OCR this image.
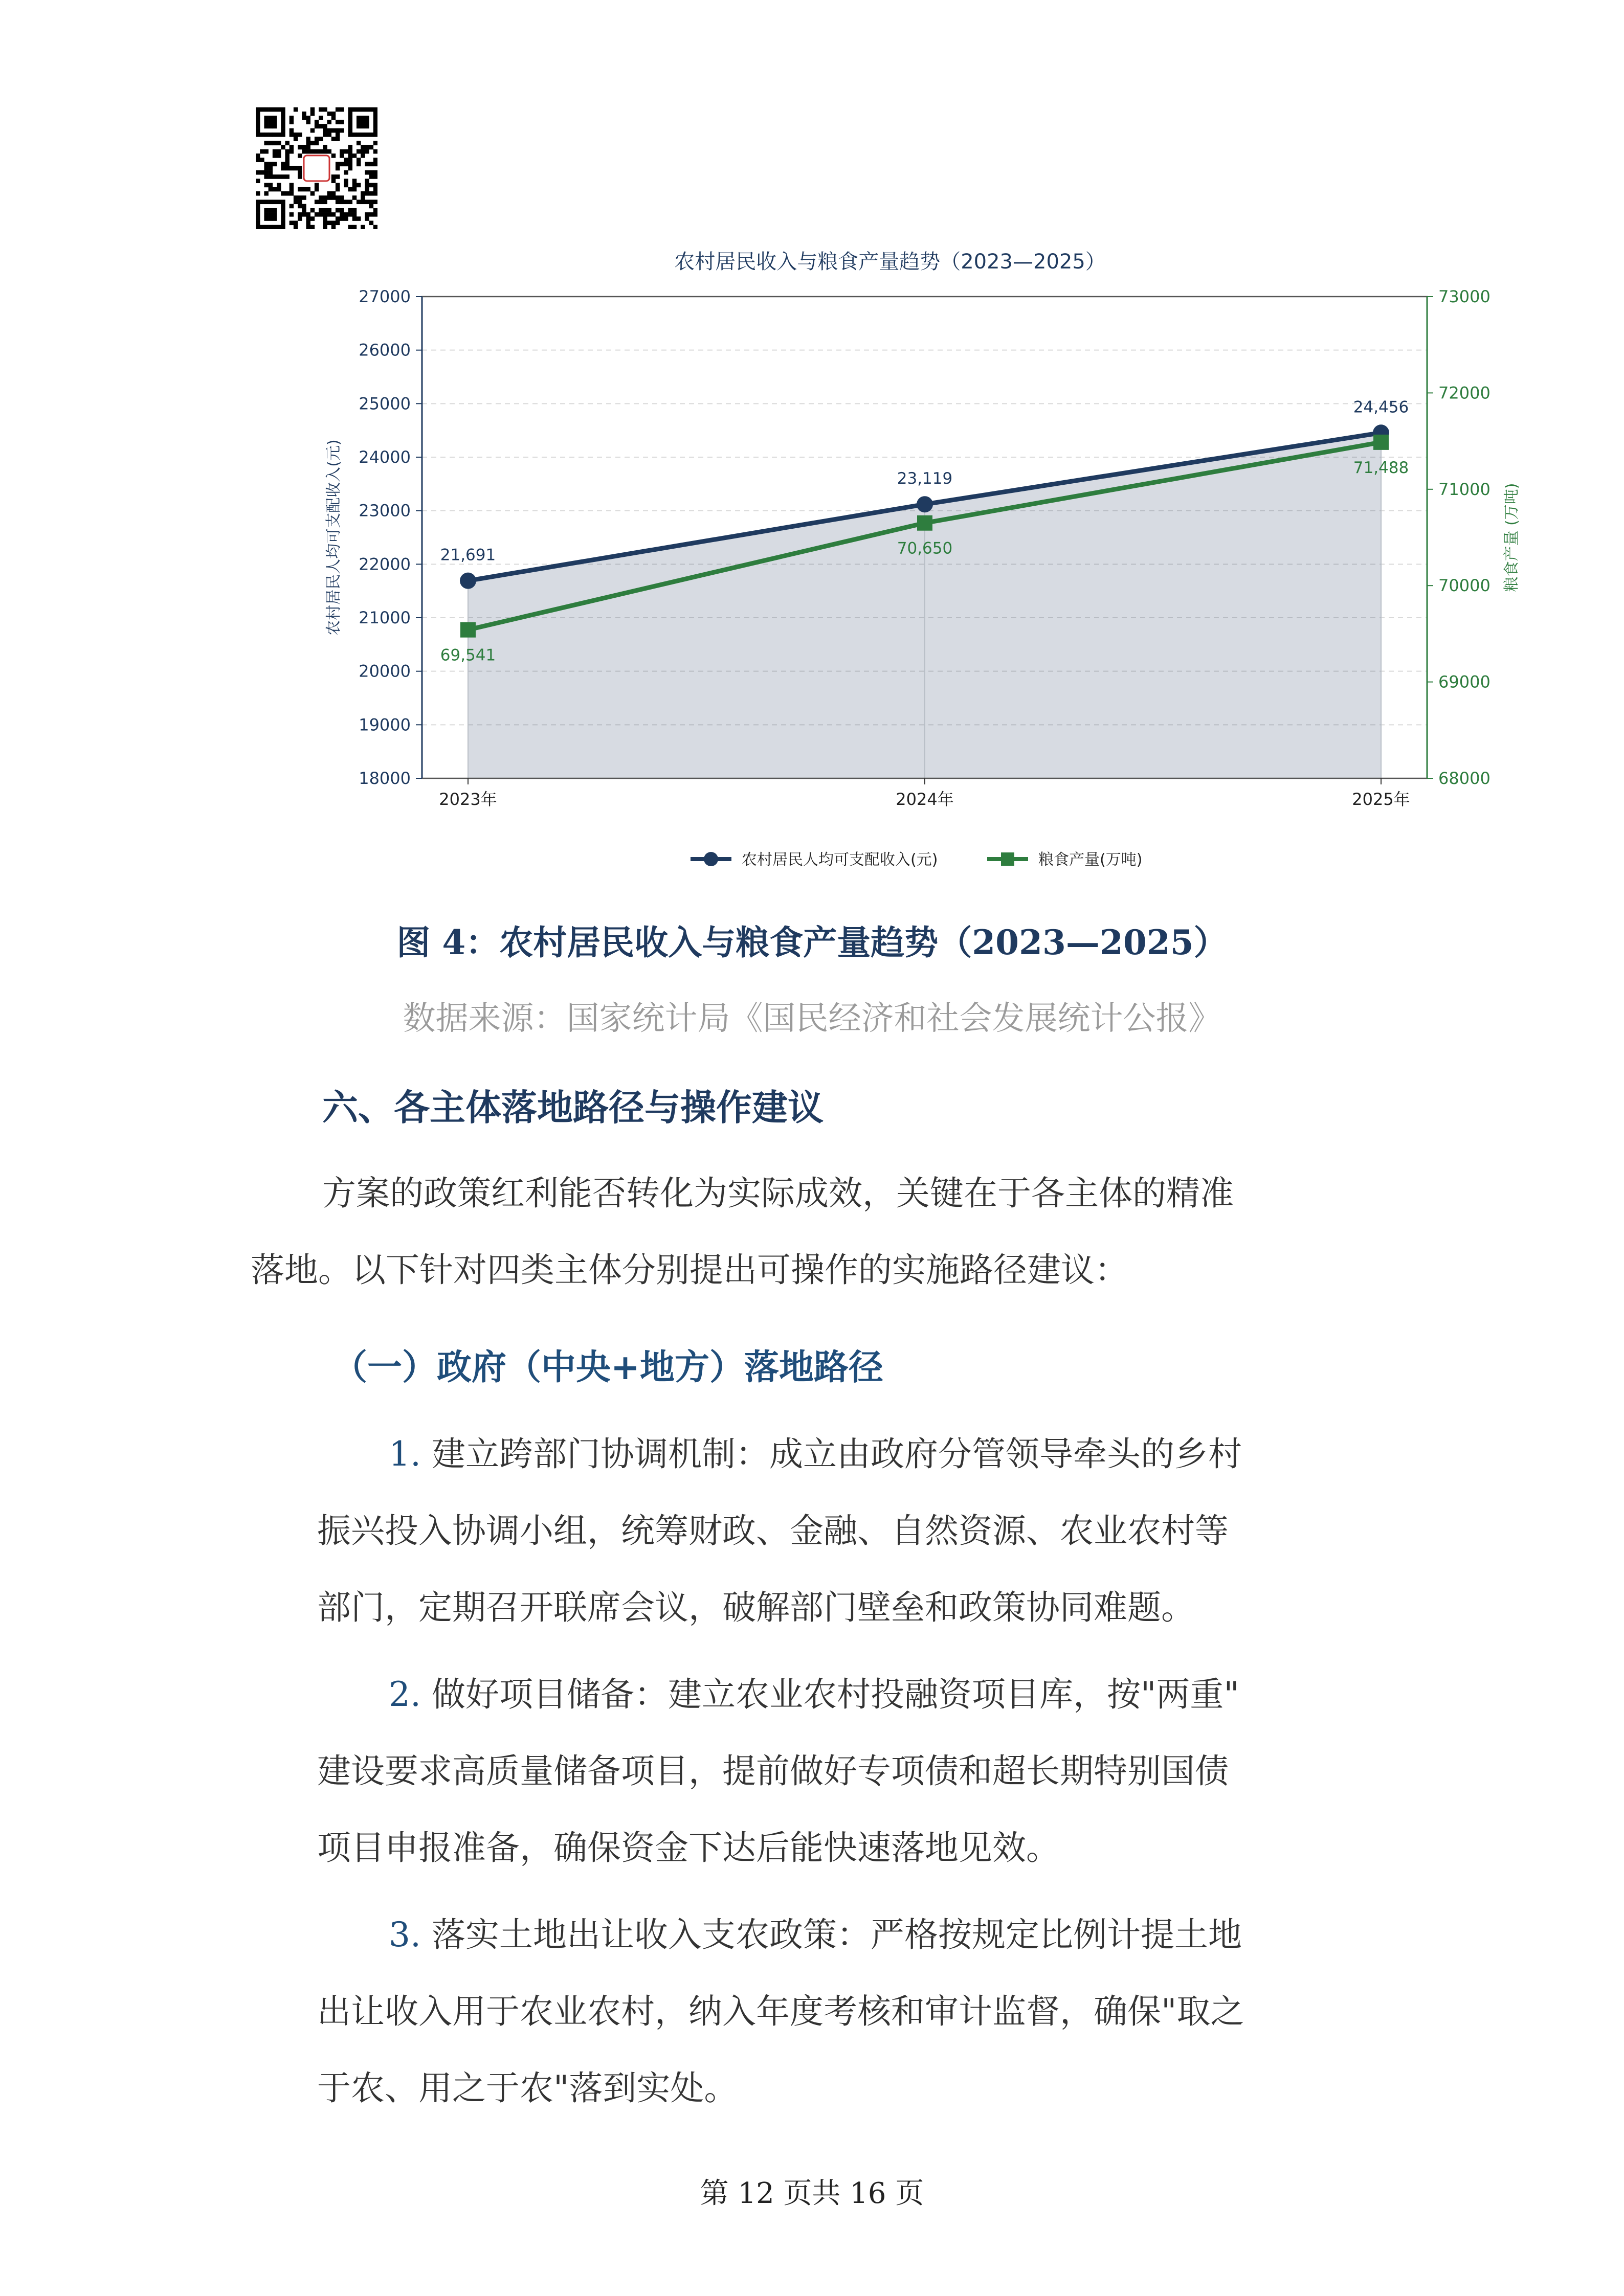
18000
19000
20000
21000
22000
23000
24000
25000
26000
27000
68000
69000
70000
71000
72000
73000
2023年	2024年	2025年
21,691
23,119
24,456
69,541
70,650
71,488
农村居民收入与粮食产量趋势（2023—2025）
农村居民人均可支配收入(元)	粮食产量 (万吨)
农村居民人均可支配收入(元)	粮食产量(万吨)
图 4：农村居民收入与粮食产量趋势（2023—2025）
数据来源：国家统计局《国民经济和社会发展统计公报》
六、各主体落地路径与操作建议
方案的政策红利能否转化为实际成效，关键在于各主体的精准
落地。以下针对四类主体分别提出可操作的实施路径建议：
（一）政府（中央+地方）落地路径
1. 建立跨部门协调机制：成立由政府分管领导牵头的乡村
振兴投入协调小组，统筹财政、金融、自然资源、农业农村等
部门，定期召开联席会议，破解部门壁垒和政策协同难题。
2. 做好项目储备：建立农业农村投融资项目库，按"两重"
建设要求高质量储备项目，提前做好专项债和超长期特别国债
项目申报准备，确保资金下达后能快速落地见效。
3. 落实土地出让收入支农政策：严格按规定比例计提土地
出让收入用于农业农村，纳入年度考核和审计监督，确保"取之
于农、用之于农"落到实处。
第 12 页共 16 页
